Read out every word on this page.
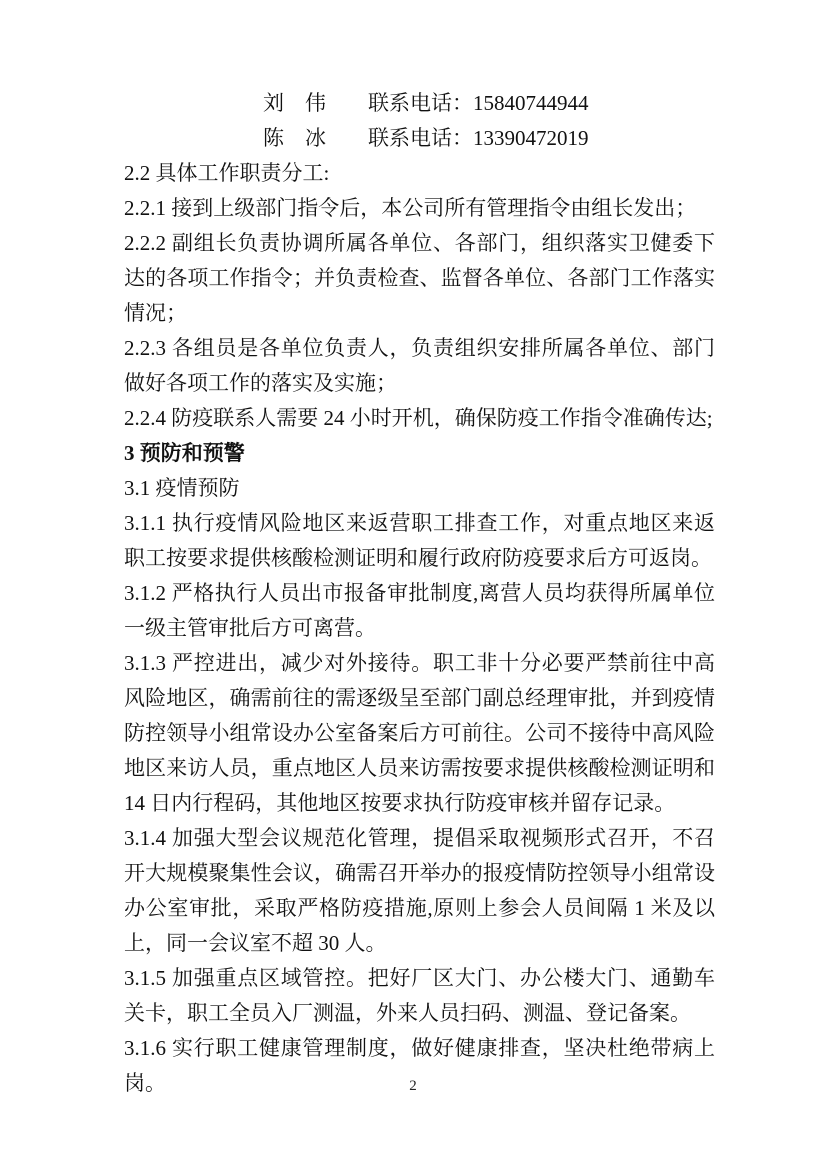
刘　伟　　联系电话：15840744944

陈　冰　　联系电话：13390472019

2.2 具体工作职责分工:

2.2.1 接到上级部门指令后，本公司所有管理指令由组长发出；

2.2.2 副组长负责协调所属各单位、各部门，组织落实卫健委下达的各项工作指令；并负责检查、监督各单位、各部门工作落实情况；

2.2.3 各组员是各单位负责人，负责组织安排所属各单位、部门做好各项工作的落实及实施；

2.2.4 防疫联系人需要 24 小时开机，确保防疫工作指令准确传达;

3 预防和预警

3.1 疫情预防

3.1.1 执行疫情风险地区来返营职工排查工作，对重点地区来返职工按要求提供核酸检测证明和履行政府防疫要求后方可返岗。

3.1.2 严格执行人员出市报备审批制度,离营人员均获得所属单位一级主管审批后方可离营。

3.1.3 严控进出，减少对外接待。职工非十分必要严禁前往中高风险地区，确需前往的需逐级呈至部门副总经理审批，并到疫情防控领导小组常设办公室备案后方可前往。公司不接待中高风险地区来访人员，重点地区人员来访需按要求提供核酸检测证明和 14 日内行程码，其他地区按要求执行防疫审核并留存记录。

3.1.4 加强大型会议规范化管理，提倡采取视频形式召开，不召开大规模聚集性会议，确需召开举办的报疫情防控领导小组常设办公室审批，采取严格防疫措施,原则上参会人员间隔 1 米及以上，同一会议室不超 30 人。

3.1.5 加强重点区域管控。把好厂区大门、办公楼大门、通勤车关卡，职工全员入厂测温，外来人员扫码、测温、登记备案。

3.1.6 实行职工健康管理制度，做好健康排查，坚决杜绝带病上岗。	2
